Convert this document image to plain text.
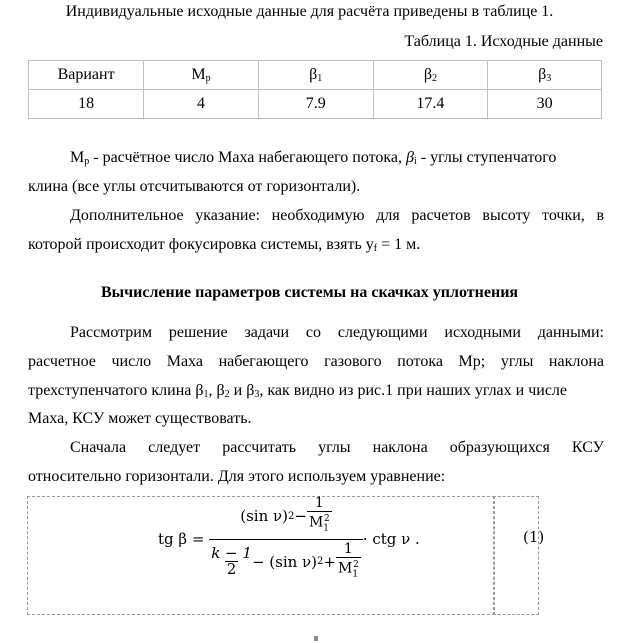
Индивидуальные исходные данные для расчёта приведены в таблице 1.
Таблица 1. Исходные данные
Вариант	$M_р$	$\beta_1$	$\beta_2$	$\beta_3$
18	4	7.9	17.4	30
$M_р$ - расчётное число Маха набегающего потока, $\beta_i$ - углы ступенчатого
клина (все углы отсчитываются от горизонтали).
Дополнительное указание: необходимую для расчетов высоту точки, в
которой происходит фокусировка системы, взять $y_f = 1$ м.
Вычисление параметров системы на скачках уплотнения
Рассмотрим решение задачи со следующими исходными данными:
расчетное число Маха набегающего газового потока Мр; углы наклона
трехступенчатого клина $\beta_1$, $\beta_2$ и $\beta_3$, как видно из рис.1 при наших углах и числе
Маха, КСУ может существовать.
Сначала следует рассчитать углы наклона образующихся КСУ
относительно горизонтали. Для этого используем уравнение:
tg β =
$\frac{(\sin \nu) 2 - \frac{1}{M_1^2}}{\frac{k - 1}{2} - (\sin \nu) 2 + \frac{1}{M_1^2}}$ · ctg ν .	(1)
